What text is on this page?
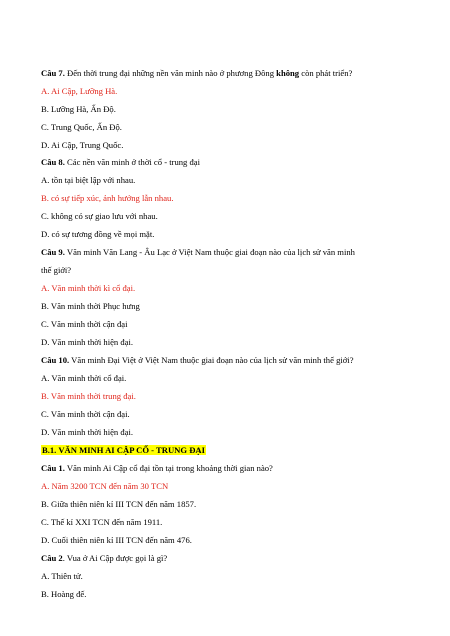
Câu 7. Đến thời trung đại những nền văn minh nào ở phương Đông không còn phát triển?
A. Ai Cập, Lưỡng Hà.
B. Lưỡng Hà, Ấn Độ.
C. Trung Quốc, Ấn Độ.
D. Ai Cập, Trung Quốc.
Câu 8. Các nền văn minh ở thời cổ - trung đại
A. tồn tại biệt lập với nhau.
B. có sự tiếp xúc, ảnh hưởng lẫn nhau.
C. không có sự giao lưu với nhau.
D. có sự tương đồng về mọi mặt.
Câu 9. Văn minh Văn Lang - Âu Lạc ở Việt Nam thuộc giai đoạn nào của lịch sử văn minh
thế giới?
A. Văn minh thời kì cổ đại.
B. Văn minh thời Phục hưng
C. Văn minh thời cận đại
D. Văn minh thời hiện đại.
Câu 10. Văn minh Đại Việt ở Việt Nam thuộc giai đoạn nào của lịch sử văn minh thế giới?
A. Văn minh thời cổ đại.
B. Văn minh thời trung đại.
C. Văn minh thời cận đại.
D. Văn minh thời hiện đại.
B.1. VĂN MINH AI CẬP CỔ - TRUNG ĐẠI
Câu 1. Văn minh Ai Cập cổ đại tồn tại trong khoảng thời gian nào?
A. Năm 3200 TCN đến năm 30 TCN
B. Giữa thiên niên kỉ III TCN đến năm 1857.
C. Thế kỉ XXI TCN đến năm 1911.
D. Cuối thiên niên kỉ III TCN đến năm 476.
Câu 2. Vua ở Ai Cập được gọi là gì?
A. Thiên tử.
B. Hoàng đế.
